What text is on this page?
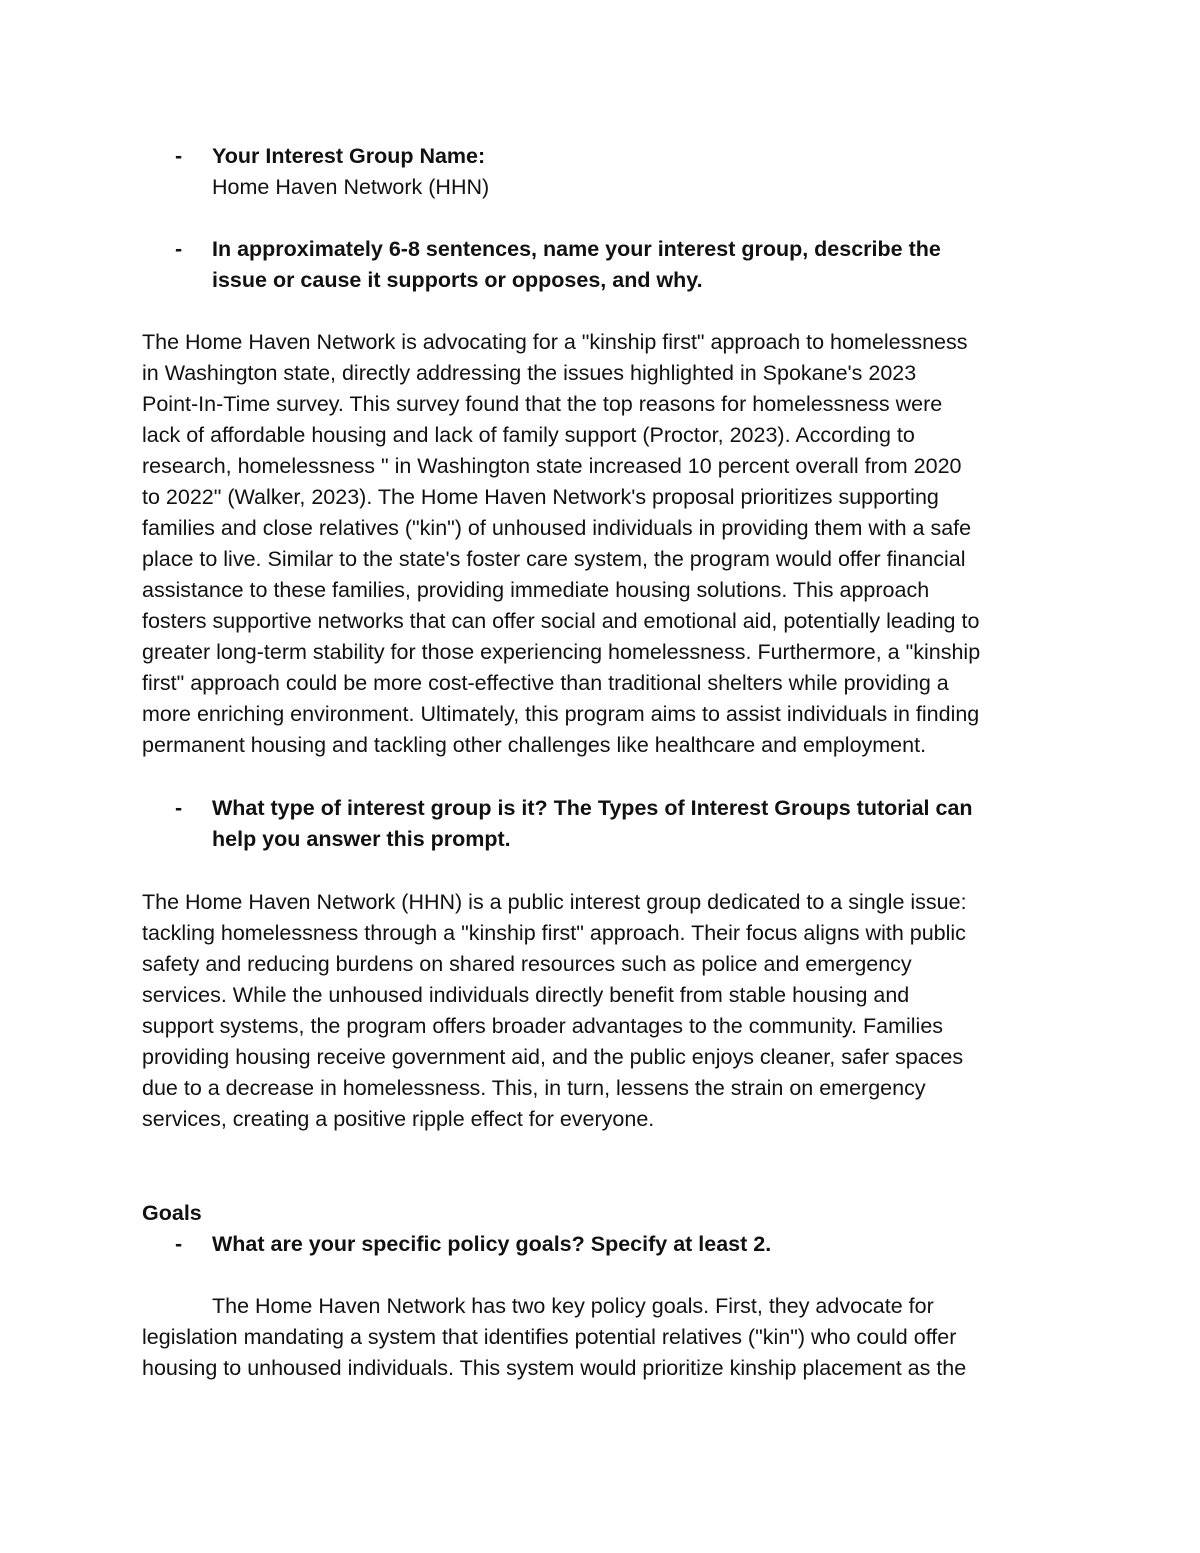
- Your Interest Group Name:
Home Haven Network (HHN)
- In approximately 6-8 sentences, name your interest group, describe the
issue or cause it supports or opposes, and why.

The Home Haven Network is advocating for a "kinship first" approach to homelessness
in Washington state, directly addressing the issues highlighted in Spokane's 2023
Point-In-Time survey. This survey found that the top reasons for homelessness were
lack of affordable housing and lack of family support (Proctor, 2023). According to
research, homelessness " in Washington state increased 10 percent overall from 2020
to 2022" (Walker, 2023). The Home Haven Network's proposal prioritizes supporting
families and close relatives ("kin") of unhoused individuals in providing them with a safe
place to live. Similar to the state's foster care system, the program would offer financial
assistance to these families, providing immediate housing solutions. This approach
fosters supportive networks that can offer social and emotional aid, potentially leading to
greater long-term stability for those experiencing homelessness. Furthermore, a "kinship
first" approach could be more cost-effective than traditional shelters while providing a
more enriching environment. Ultimately, this program aims to assist individuals in finding
permanent housing and tackling other challenges like healthcare and employment.

- What type of interest group is it? The Types of Interest Groups tutorial can
help you answer this prompt.

The Home Haven Network (HHN) is a public interest group dedicated to a single issue:
tackling homelessness through a "kinship first" approach. Their focus aligns with public
safety and reducing burdens on shared resources such as police and emergency
services. While the unhoused individuals directly benefit from stable housing and
support systems, the program offers broader advantages to the community. Families
providing housing receive government aid, and the public enjoys cleaner, safer spaces
due to a decrease in homelessness. This, in turn, lessens the strain on emergency
services, creating a positive ripple effect for everyone.

Goals
- What are your specific policy goals? Specify at least 2.

The Home Haven Network has two key policy goals. First, they advocate for
legislation mandating a system that identifies potential relatives ("kin") who could offer
housing to unhoused individuals. This system would prioritize kinship placement as the
